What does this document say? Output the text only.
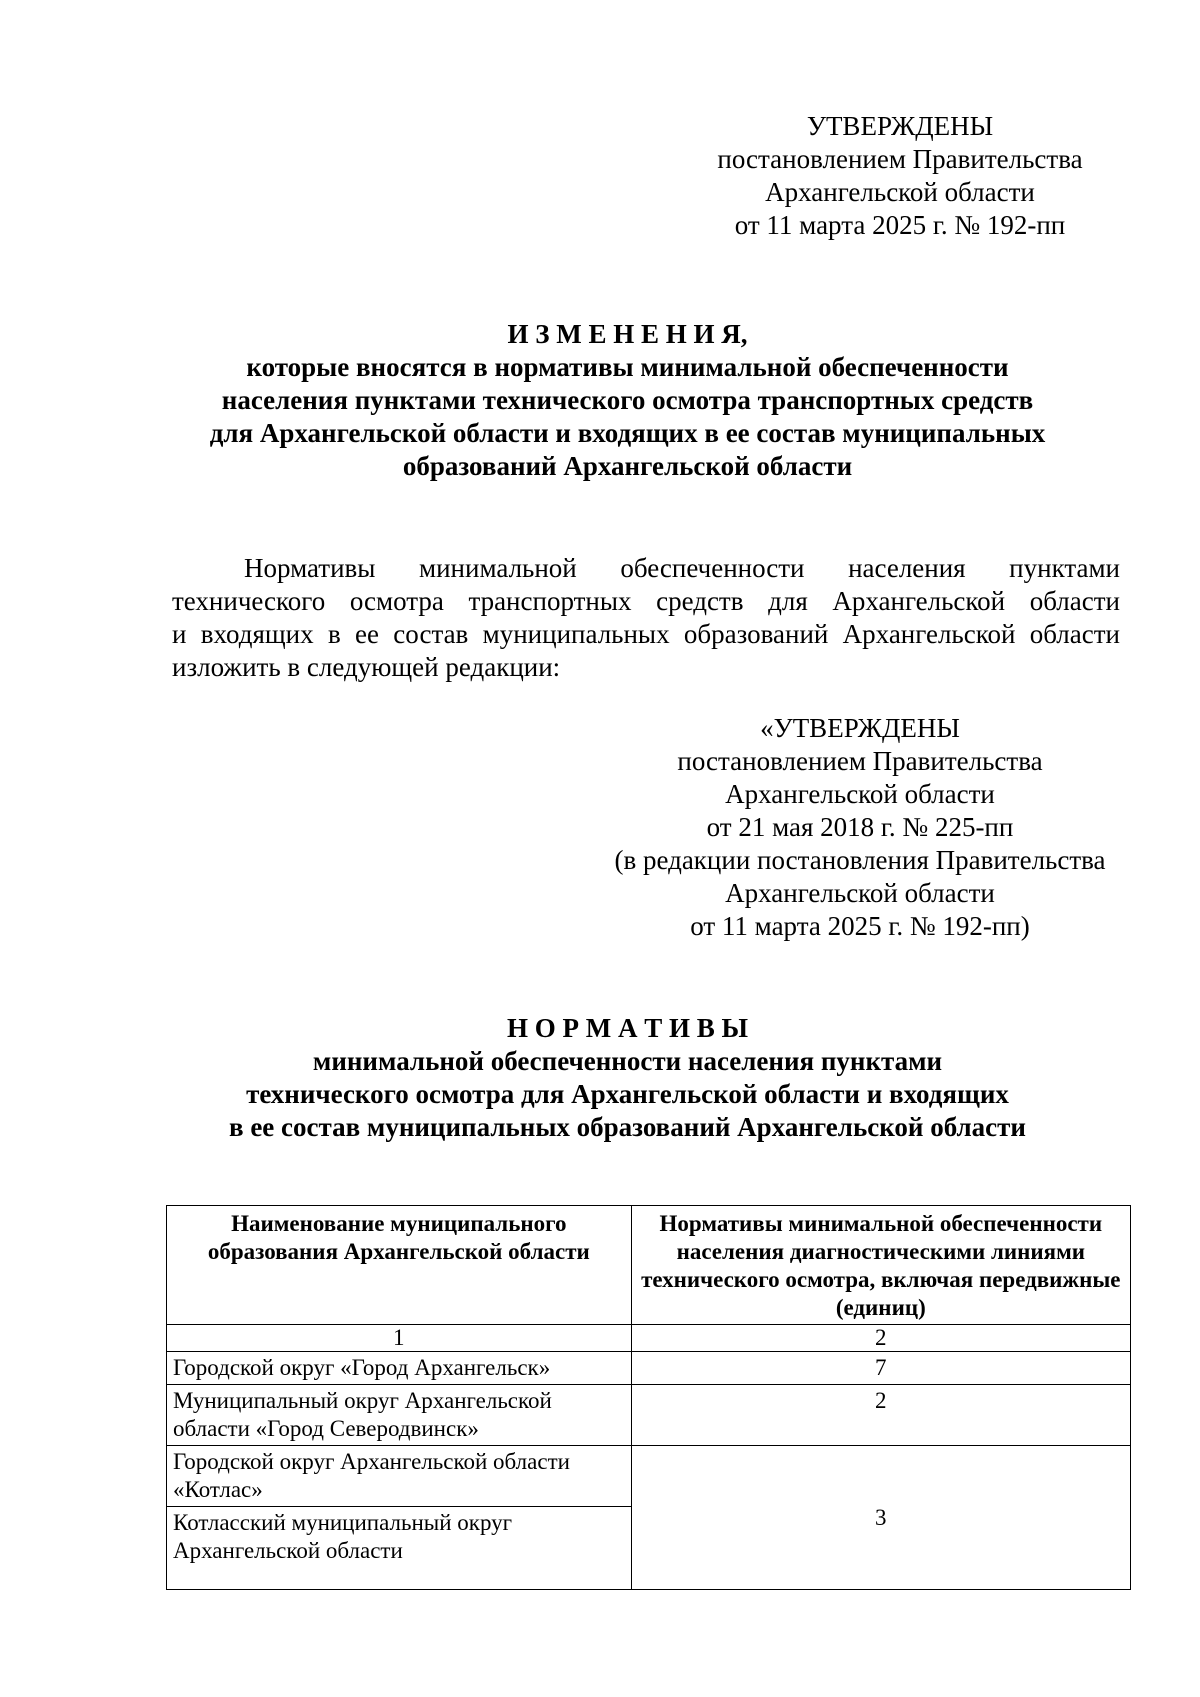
УТВЕРЖДЕНЫ
постановлением Правительства
Архангельской области
от 11 марта 2025 г. № 192-пп
И З М Е Н Е Н И Я,
которые вносятся в нормативы минимальной обеспеченности
населения пунктами технического осмотра транспортных средств
для Архангельской области и входящих в ее состав муниципальных
образований Архангельской области
Нормативы минимальной обеспеченности населения пунктами
технического осмотра транспортных средств для Архангельской области
и входящих в ее состав муниципальных образований Архангельской области
изложить в следующей редакции:
«УТВЕРЖДЕНЫ
постановлением Правительства
Архангельской области
от 21 мая 2018 г. № 225-пп
(в редакции постановления Правительства
Архангельской области
от 11 марта 2025 г. № 192-пп)
Н О Р М А Т И В Ы
минимальной обеспеченности населения пунктами
технического осмотра для Архангельской области и входящих
в ее состав муниципальных образований Архангельской области
Наименование муниципального образования Архангельской области	Нормативы минимальной обеспеченности населения диагностическими линиями технического осмотра, включая передвижные (единиц)
1	2
Городской округ «Город Архангельск»	7
Муниципальный округ Архангельской области «Город Северодвинск»	2
Городской округ Архангельской области «Котлас»	3
Котласский муниципальный округ Архангельской области	
